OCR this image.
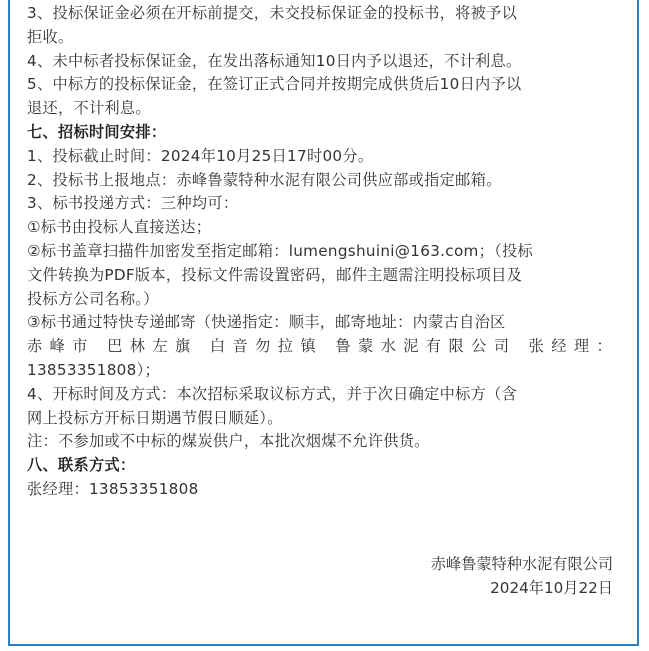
3、投标保证金必须在开标前提交，未交投标保证金的投标书，将被予以
拒收。
4、未中标者投标保证金，在发出落标通知10日内予以退还，不计利息。
5、中标方的投标保证金，在签订正式合同并按期完成供货后10日内予以
退还，不计利息。
七、招标时间安排：
1、投标截止时间：2024年10月25日17时00分。
2、投标书上报地点：赤峰鲁蒙特种水泥有限公司供应部或指定邮箱。
3、标书投递方式：三种均可：
①标书由投标人直接送达；
②标书盖章扫描件加密发至指定邮箱：lumengshuini@163.com；（投标
文件转换为PDF版本，投标文件需设置密码，邮件主题需注明投标项目及
投标方公司名称。）
③标书通过特快专递邮寄（快递指定：顺丰，邮寄地址：内蒙古自治区
赤峰市 巴林左旗 白音勿拉镇 鲁蒙水泥有限公司 张经理：
13853351808）；
4、开标时间及方式：本次招标采取议标方式，并于次日确定中标方（含
网上投标方开标日期遇节假日顺延）。
注：不参加或不中标的煤炭供户，本批次烟煤不允许供货。
八、联系方式：
张经理：13853351808
赤峰鲁蒙特种水泥有限公司
2024年10月22日
